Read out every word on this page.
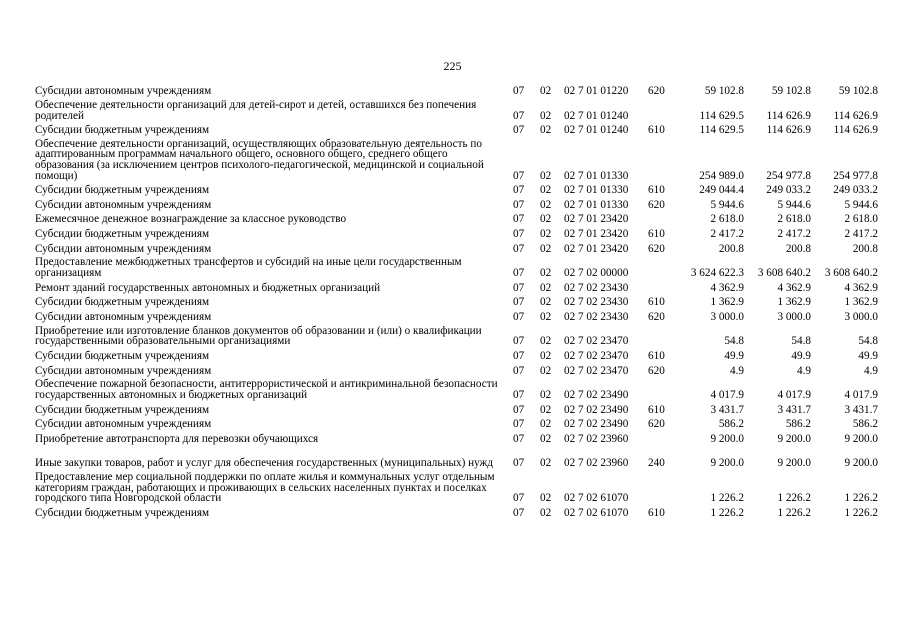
225
Субсидии автономным учреждениям	07	02	02 7 01 01220	620	59 102.8	59 102.8	59 102.8
Обеспечение деятельности организаций для детей-сирот и детей, оставшихся без попечения родителей	07	02	02 7 01 01240		114 629.5	114 626.9	114 626.9
Субсидии бюджетным учреждениям	07	02	02 7 01 01240	610	114 629.5	114 626.9	114 626.9
Обеспечение деятельности организаций, осуществляющих образовательную деятельность по адаптированным программам начального общего, основного общего, среднего общего образования (за исключением центров психолого-педагогической, медицинской и социальной помощи)	07	02	02 7 01 01330		254 989.0	254 977.8	254 977.8
Субсидии бюджетным учреждениям	07	02	02 7 01 01330	610	249 044.4	249 033.2	249 033.2
Субсидии автономным учреждениям	07	02	02 7 01 01330	620	5 944.6	5 944.6	5 944.6
Ежемесячное денежное вознаграждение за классное руководство	07	02	02 7 01 23420		2 618.0	2 618.0	2 618.0
Субсидии бюджетным учреждениям	07	02	02 7 01 23420	610	2 417.2	2 417.2	2 417.2
Субсидии автономным учреждениям	07	02	02 7 01 23420	620	200.8	200.8	200.8
Предоставление межбюджетных трансфертов и субсидий на иные цели государственным организациям	07	02	02 7 02 00000		3 624 622.3	3 608 640.2	3 608 640.2
Ремонт зданий государственных автономных и бюджетных организаций	07	02	02 7 02 23430		4 362.9	4 362.9	4 362.9
Субсидии бюджетным учреждениям	07	02	02 7 02 23430	610	1 362.9	1 362.9	1 362.9
Субсидии автономным учреждениям	07	02	02 7 02 23430	620	3 000.0	3 000.0	3 000.0
Приобретение или изготовление бланков документов об образовании и (или) о квалификации государственными образовательными организациями	07	02	02 7 02 23470		54.8	54.8	54.8
Субсидии бюджетным учреждениям	07	02	02 7 02 23470	610	49.9	49.9	49.9
Субсидии автономным учреждениям	07	02	02 7 02 23470	620	4.9	4.9	4.9
Обеспечение пожарной безопасности, антитеррористической и антикриминальной безопасности государственных автономных и бюджетных организаций	07	02	02 7 02 23490		4 017.9	4 017.9	4 017.9
Субсидии бюджетным учреждениям	07	02	02 7 02 23490	610	3 431.7	3 431.7	3 431.7
Субсидии автономным учреждениям	07	02	02 7 02 23490	620	586.2	586.2	586.2
Приобретение автотранспорта для перевозки обучающихся	07	02	02 7 02 23960		9 200.0	9 200.0	9 200.0
Иные закупки товаров, работ и услуг для обеспечения государственных (муниципальных) нужд	07	02	02 7 02 23960	240	9 200.0	9 200.0	9 200.0
Предоставление мер социальной поддержки по оплате жилья и коммунальных услуг отдельным категориям граждан, работающих и проживающих в сельских населенных пунктах и поселках городского типа Новгородской области	07	02	02 7 02 61070		1 226.2	1 226.2	1 226.2
Субсидии бюджетным учреждениям	07	02	02 7 02 61070	610	1 226.2	1 226.2	1 226.2
